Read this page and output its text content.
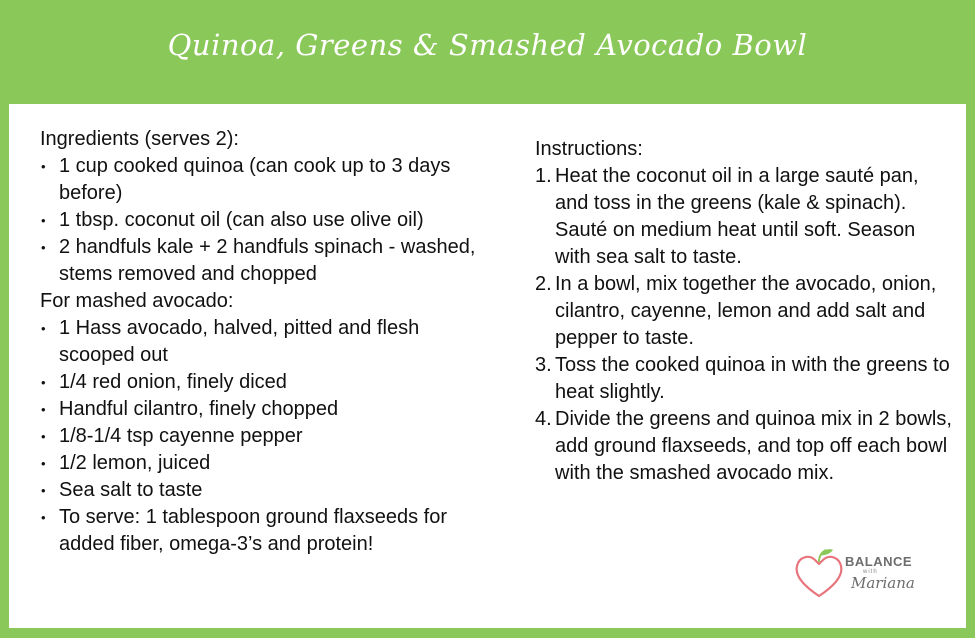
Quinoa, Greens & Smashed Avocado Bowl

Ingredients (serves 2):

• 1 cup cooked quinoa (can cook up to 3 days before)
• 1 tbsp. coconut oil (can also use olive oil)
• 2 handfuls kale + 2 handfuls spinach - washed, stems removed and chopped

For mashed avocado:

• 1 Hass avocado, halved, pitted and flesh scooped out
• 1/4 red onion, finely diced
• Handful cilantro, finely chopped
• 1/8-1/4 tsp cayenne pepper
• 1/2 lemon, juiced
• Sea salt to taste
• To serve: 1 tablespoon ground flaxseeds for added fiber, omega-3’s and protein!

Instructions:

1. Heat the coconut oil in a large sauté pan, and toss in the greens (kale & spinach). Sauté on medium heat until soft. Season with sea salt to taste.
2. In a bowl, mix together the avocado, onion, cilantro, cayenne, lemon and add salt and pepper to taste.
3. Toss the cooked quinoa in with the greens to heat slightly.
4. Divide the greens and quinoa mix in 2 bowls, add ground flaxseeds, and top off each bowl with the smashed avocado mix.
BALANCE
with
Mariana
